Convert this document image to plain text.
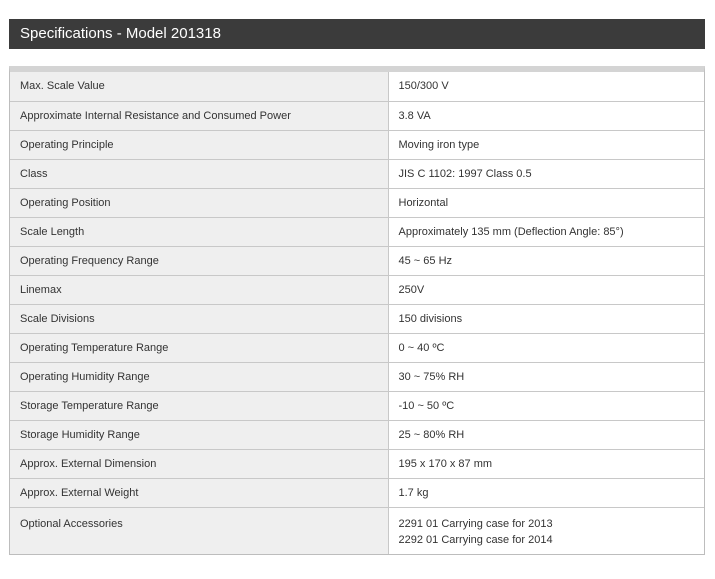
Specifications - Model 201318
Max. Scale Value	150/300 V
Approximate Internal Resistance and Consumed Power	3.8 VA
Operating Principle	Moving iron type
Class	JIS C 1102: 1997 Class 0.5
Operating Position	Horizontal
Scale Length	Approximately 135 mm (Deflection Angle: 85°)
Operating Frequency Range	45 ~ 65 Hz
Linemax	250V
Scale Divisions	150 divisions
Operating Temperature Range	0 ~ 40 ºC
Operating Humidity Range	30 ~ 75% RH
Storage Temperature Range	-10 ~ 50 ºC
Storage Humidity Range	25 ~ 80% RH
Approx. External Dimension	195 x 170 x 87 mm
Approx. External Weight	1.7 kg
Optional Accessories	2291 01 Carrying case for 2013
2292 01 Carrying case for 2014
